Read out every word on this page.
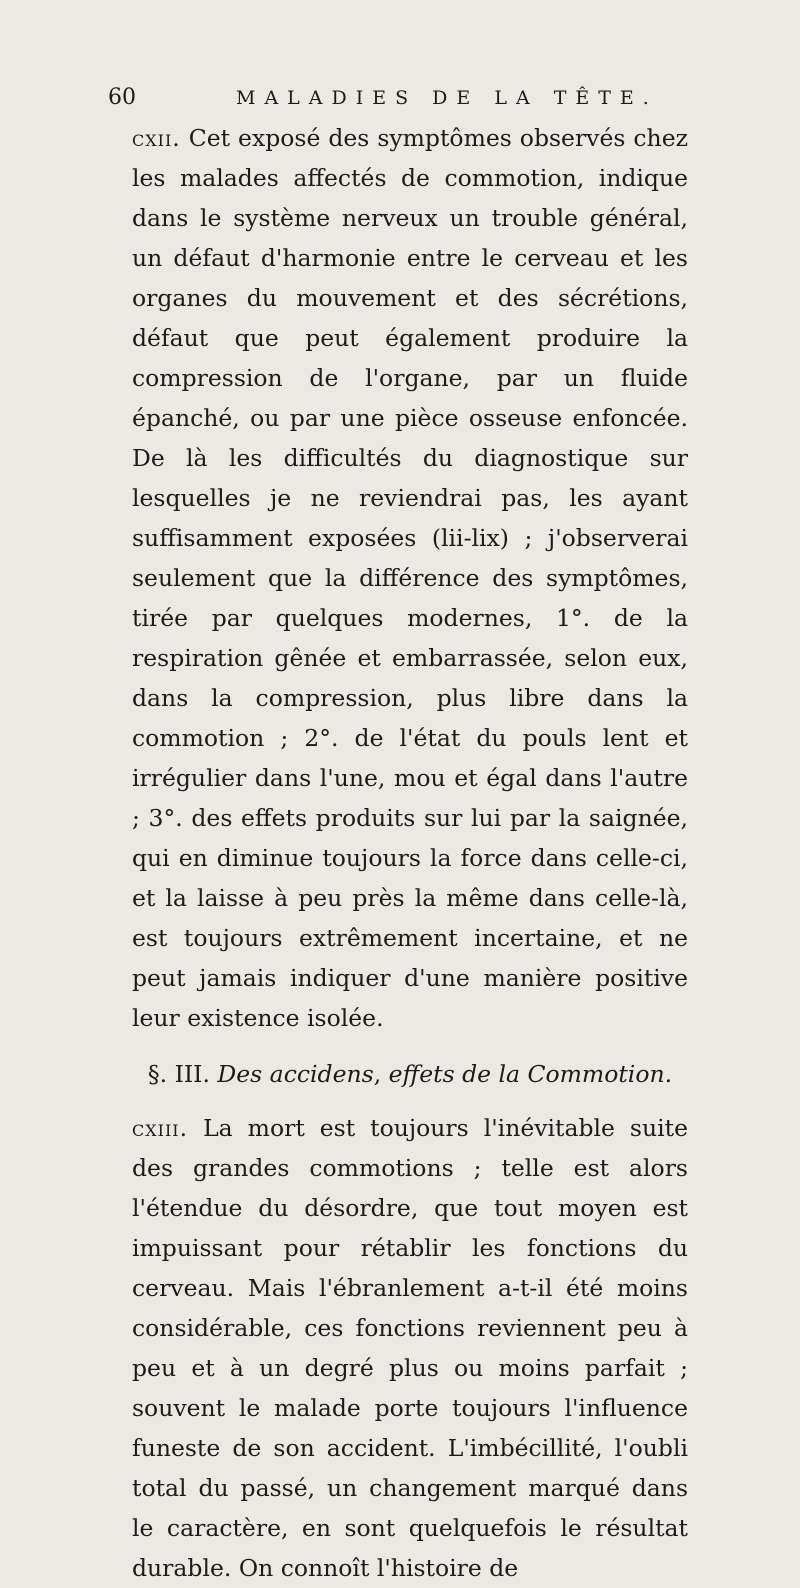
60	MALADIES DE LA TÊTE.

cxii. Cet exposé des symptômes observés chez les malades affectés de commotion, indique dans le système nerveux un trouble général, un défaut d'harmonie entre le cerveau et les organes du mouvement et des sécrétions, défaut que peut également produire la compression de l'organe, par un fluide épanché, ou par une pièce osseuse enfoncée. De là les difficultés du diagnostique sur lesquelles je ne reviendrai pas, les ayant suffisamment exposées (lii-lix) ; j'observerai seulement que la différence des symptômes, tirée par quelques modernes, 1°. de la respiration gênée et embarrassée, selon eux, dans la compression, plus libre dans la commotion ; 2°. de l'état du pouls lent et irrégulier dans l'une, mou et égal dans l'autre ; 3°. des effets produits sur lui par la saignée, qui en diminue toujours la force dans celle-ci, et la laisse à peu près la même dans celle-là, est toujours extrêmement incertaine, et ne peut jamais indiquer d'une manière positive leur existence isolée.

§. III. Des accidens, effets de la Commotion.

cxiii. La mort est toujours l'inévitable suite des grandes commotions ; telle est alors l'étendue du désordre, que tout moyen est impuissant pour rétablir les fonctions du cerveau. Mais l'ébranlement a-t-il été moins considérable, ces fonctions reviennent peu à peu et à un degré plus ou moins parfait ; souvent le malade porte toujours l'influence funeste de son accident. L'imbécillité, l'oubli total du passé, un changement marqué dans le caractère, en sont quelquefois le résultat durable. On connoît l'histoire de
